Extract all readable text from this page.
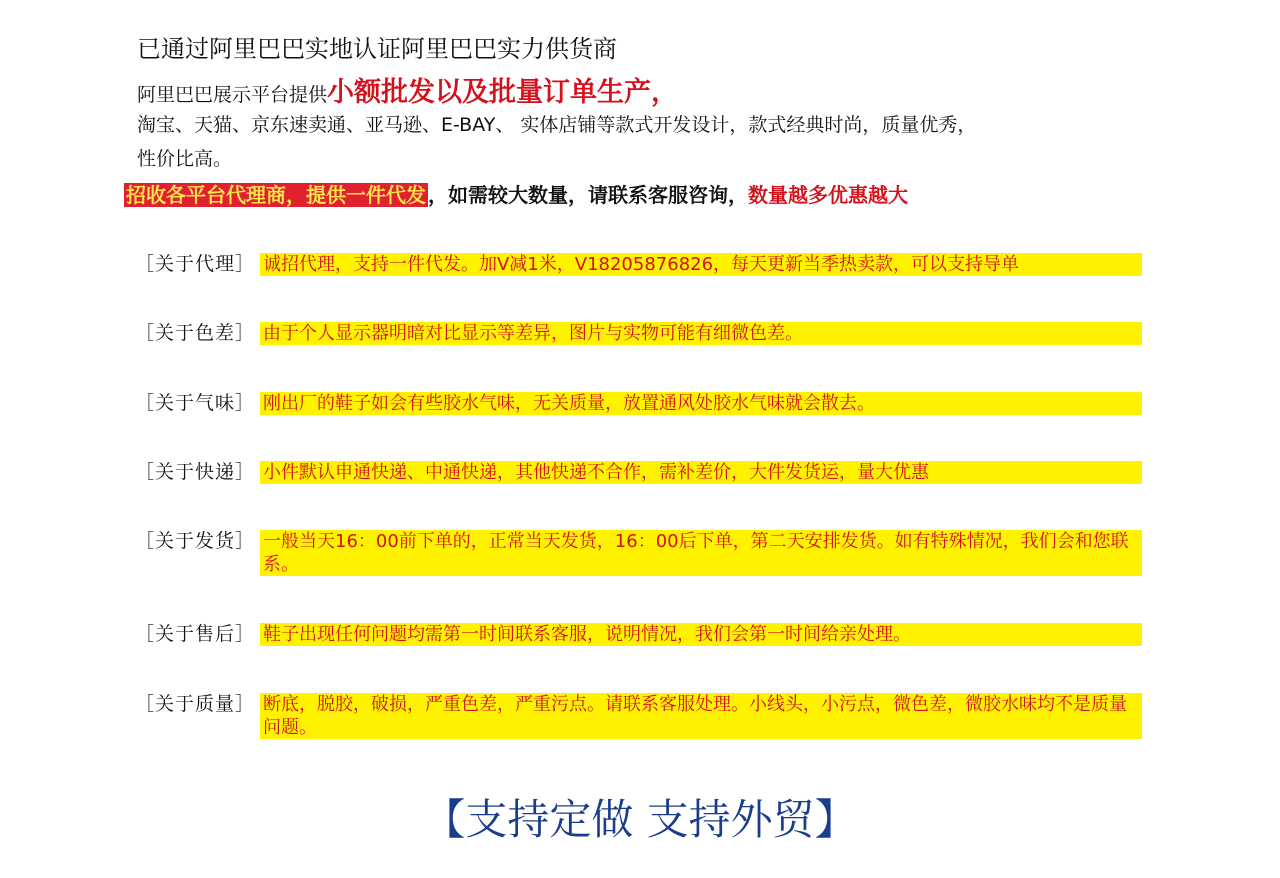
已通过阿里巴巴实地认证阿里巴巴实力供货商
阿里巴巴展示平台提供小额批发以及批量订单生产，
淘宝、天猫、京东速卖通、亚马逊、E-BAY、 实体店铺等款式开发设计，款式经典时尚，质量优秀，
性价比高。
招收各平台代理商，提供一件代发 ，如需较大数量，请联系客服咨询，数量越多优惠越大
［关于代理］ 诚招代理，支持一件代发。加V减1米，V18205876826，每天更新当季热卖款，可以支持导单
［关于色差］ 由于个人显示器明暗对比显示等差异，图片与实物可能有细微色差。
［关于气味］ 刚出厂的鞋子如会有些胶水气味，无关质量，放置通风处胶水气味就会散去。
［关于快递］ 小件默认申通快递、中通快递，其他快递不合作，需补差价，大件发货运，量大优惠
［关于发货］ 一般当天16：00前下单的，正常当天发货，16：00后下单，第二天安排发货。如有特殊情况，我们会和您联系。
［关于售后］ 鞋子出现任何问题均需第一时间联系客服，说明情况，我们会第一时间给亲处理。
［关于质量］ 断底，脱胶，破损，严重色差，严重污点。请联系客服处理。小线头，小污点，微色差，微胶水味均不是质量问题。
【支持定做 支持外贸】
